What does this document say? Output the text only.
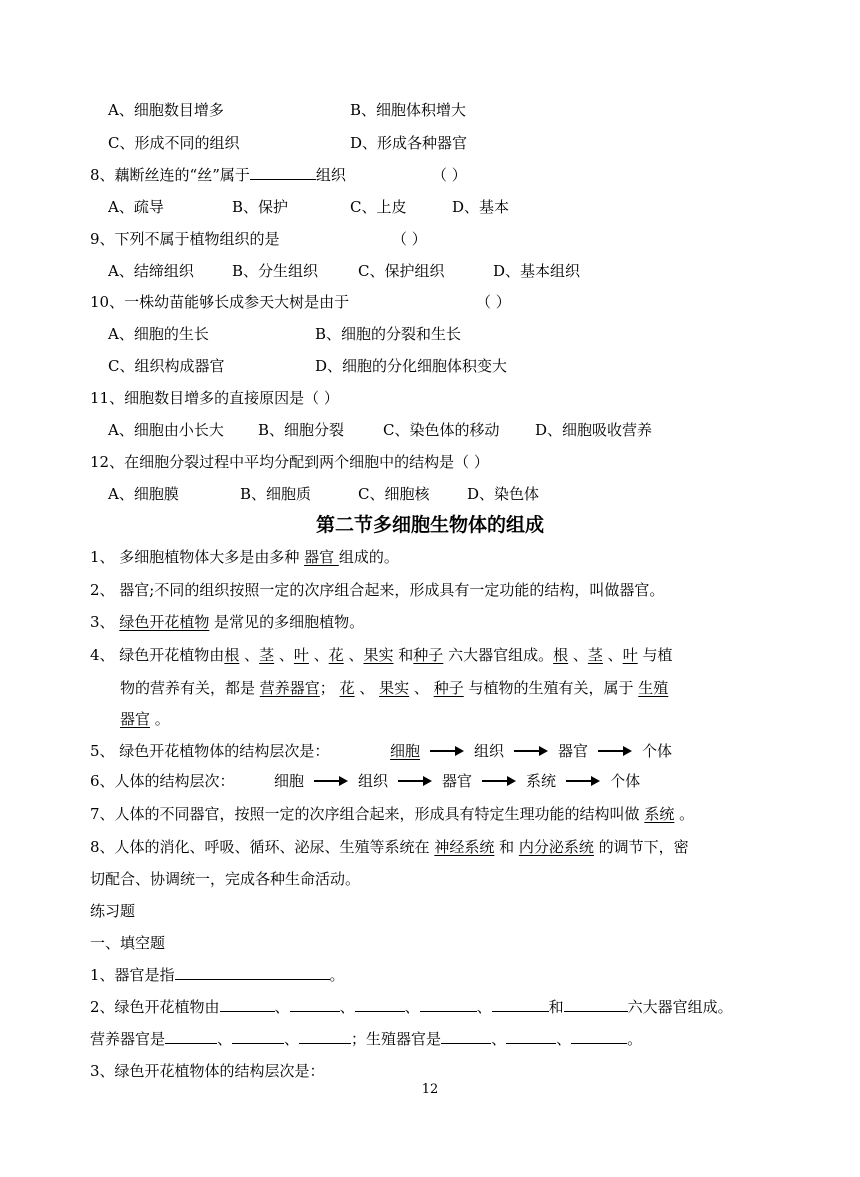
A、细胞数目增多	B、细胞体积增大
C、形成不同的组织	D、形成各种器官
8、藕断丝连的“丝”属于	组织	（ ）
A、疏导	B、保护	C、上皮	D、基本
9、下列不属于植物组织的是	（ ）
A、结缔组织	B、分生组织	C、保护组织	D、基本组织
10、一株幼苗能够长成参天大树是由于	（ ）
A、细胞的生长	B、细胞的分裂和生长
C、组织构成器官	D、细胞的分化细胞体积变大
11、细胞数目增多的直接原因是（ ）
A、细胞由小长大 B、细胞分裂	C、染色体的移动 D、细胞吸收营养
12、在细胞分裂过程中平均分配到两个细胞中的结构是（ ）
A、细胞膜	B、细胞质	C、细胞核	D、染色体
第二节多细胞生物体的组成
1、 多细胞植物体大多是由多种 器官 组成的。
2、 器官;不同的组织按照一定的次序组合起来，形成具有一定功能的结构，叫做器官。
3、 绿色开花植物 是常见的多细胞植物。
4、 绿色开花植物由根 、茎 、叶 、花 、果实 和种子 六大器官组成。根 、茎 、叶 与植
物的营养有关，都是 营养器官； 花 、 果实 、 种子 与植物的生殖有关，属于 生殖
器官 。
5、 绿色开花植物体的结构层次是：	细胞	组织	器官	个体
6、人体的结构层次：	细胞	组织	器官	系统	个体
7、人体的不同器官，按照一定的次序组合起来，形成具有特定生理功能的结构叫做 系统 。
8、人体的消化、呼吸、循环、泌尿、生殖等系统在 神经系统 和 内分泌系统 的调节下，密
切配合、协调统一，完成各种生命活动。
练习题
一、填空题
1、器官是指	。
2、绿色开花植物由	、	、	、	、	和	六大器官组成。
营养器官是	、	、	；生殖器官是	、	、	。
3、绿色开花植物体的结构层次是：
12
